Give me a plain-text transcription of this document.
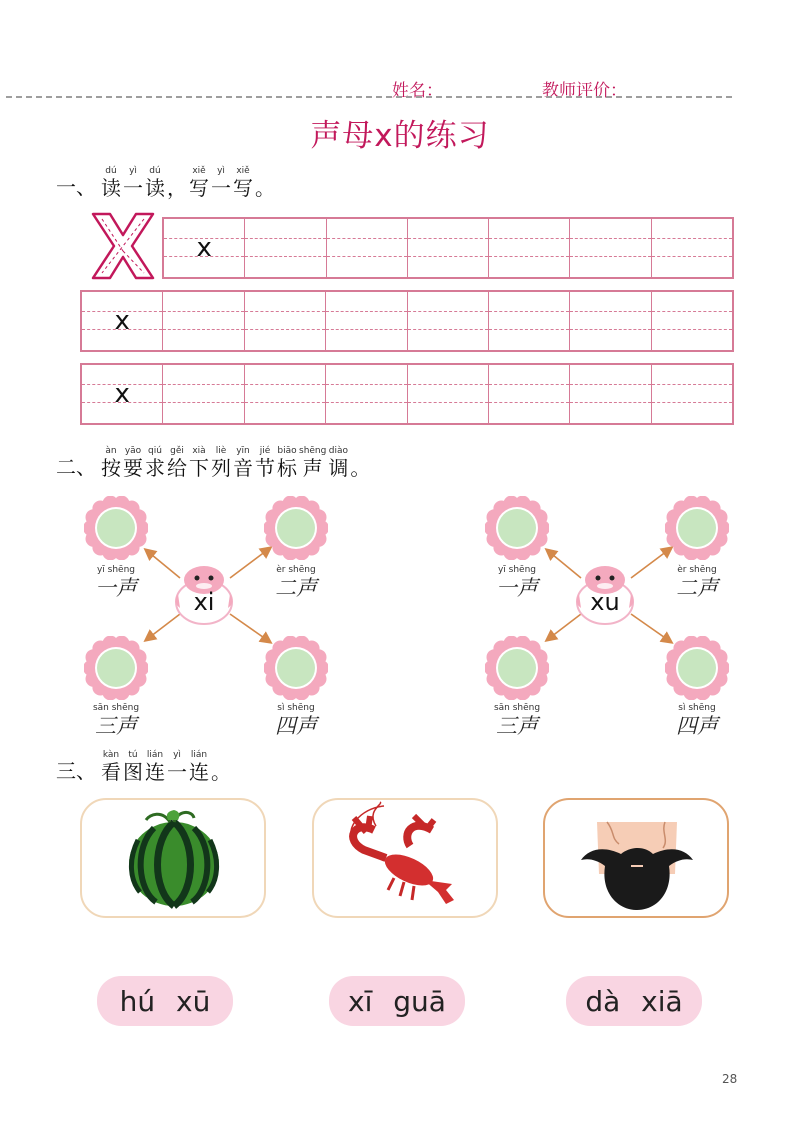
姓名：	教师评价：
声母x的练习
一、
dú
读
yì
一
dú
读 ，
xiě
写
yì
一
xiě
写 。
x
x
x
二、
àn
按
yāo
要
qiú
求
gěi
给
xià
下
liè
列
yīn
音
jié
节
biāo
标
shēng
声
diào
调 。
xi
yī shēng
一声
èr shēng
二声
sān shēng
三声
sì shēng
四声
xu
yī shēng
一声
èr shēng
二声
sān shēng
三声
sì shēng
四声
三、
kàn
看
tú
图
lián
连
yì
一
lián
连 。
hú xū	xī guā	dà xiā
28
